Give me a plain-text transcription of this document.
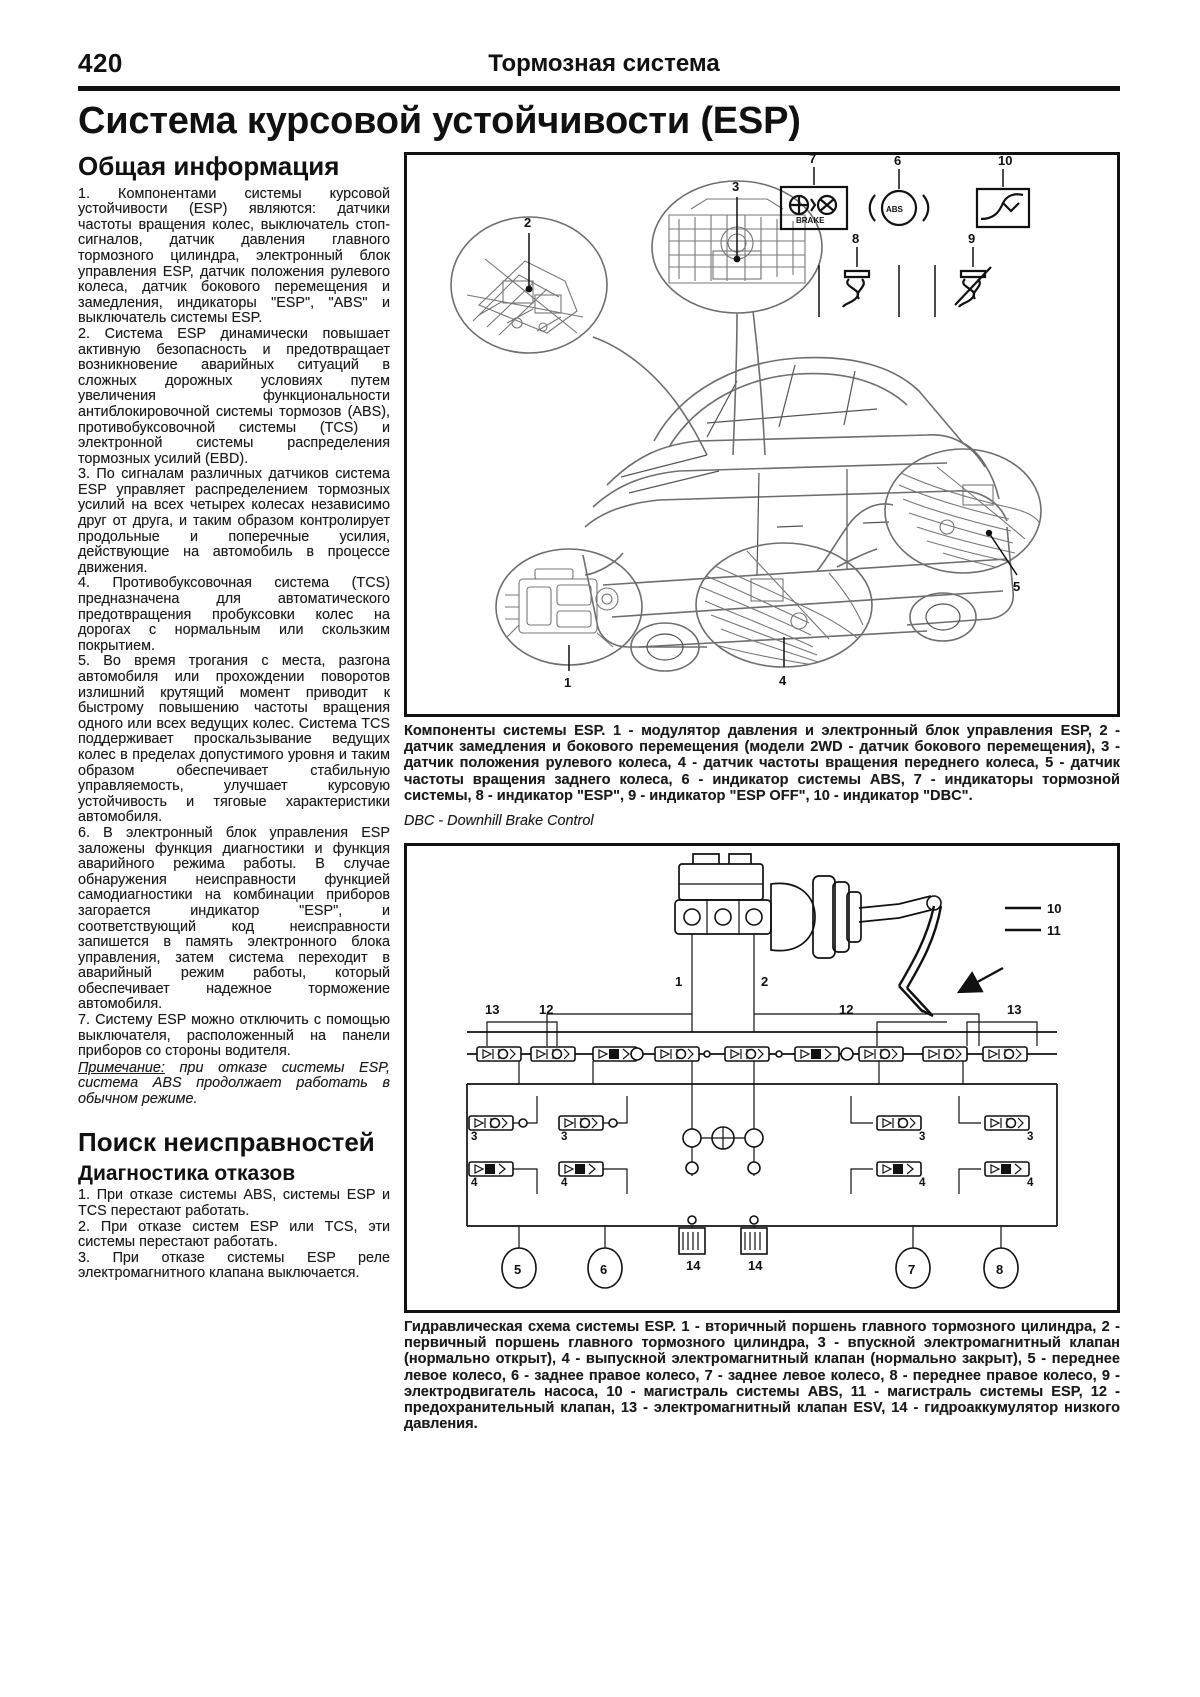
420	Тормозная система
Система курсовой устойчивости (ESP)
Общая информация

1. Компонентами системы курсовой устойчивости (ESP) являются: датчики частоты вращения колес, выключатель стоп-сигналов, датчик давления главного тормозного цилиндра, электронный блок управления ESP, датчик положения рулевого колеса, датчик бокового перемещения и замедления, индикаторы "ESP", "ABS" и выключатель системы ESP.

2. Система ESP динамически повышает активную безопасность и предотвращает возникновение аварийных ситуаций в сложных дорожных условиях путем увеличения функциональности антиблокировочной системы тормозов (ABS), противобуксовочной системы (TCS) и электронной системы распределения тормозных усилий (EBD).

3. По сигналам различных датчиков система ESP управляет распределением тормозных усилий на всех четырех колесах независимо друг от друга, и таким образом контролирует продольные и поперечные усилия, действующие на автомобиль в процессе движения.

4. Противобуксовочная система (TCS) предназначена для автоматического предотвращения пробуксовки колес на дорогах с нормальным или скользким покрытием.

5. Во время трогания с места, разгона автомобиля или прохождении поворотов излишний крутящий момент приводит к быстрому повышению частоты вращения одного или всех ведущих колес. Система TCS поддерживает проскальзывание ведущих колес в пределах допустимого уровня и таким образом обеспечивает стабильную управляемость, улучшает курсовую устойчивость и тяговые характеристики автомобиля.

6. В электронный блок управления ESP заложены функция диагностики и функция аварийного режима работы. В случае обнаружения неисправности функцией самодиагностики на комбинации приборов загорается индикатор "ESP", и соответствующий код неисправности запишется в память электронного блока управления, затем система переходит в аварийный режим работы, который обеспечивает надежное торможение автомобиля.

7. Систему ESP можно отключить с помощью выключателя, расположенный на панели приборов со стороны водителя.

Примечание: при отказе системы ESP, система ABS продолжает работать в обычном режиме.

Поиск неисправностей
Диагностика отказов

1. При отказе системы ABS, системы ESP и TCS перестают работать.

2. При отказе систем ESP или TCS, эти системы перестают работать.

3. При отказе системы ESP реле электромагнитного клапана выключается.

2
3
5
1	4
BRAKE
7
ABS
6	10
8	9

Компоненты системы ESP. 1 - модулятор давления и электронный блок управления ESP, 2 - датчик замедления и бокового перемещения (модели 2WD - датчик бокового перемещения), 3 - датчик положения рулевого колеса, 4 - датчик частоты вращения переднего колеса, 5 - датчик частоты вращения заднего колеса, 6 - индикатор системы ABS, 7 - индикаторы тормозной системы, 8 - индикатор "ESP", 9 - индикатор "ESP OFF", 10 - индикатор "DBC".

DBC - Downhill Brake Control

10
11
1	2
13	12	12	13
3
4
3
4
3
4
3
4
14	14
5	6	7	8

Гидравлическая схема системы ESP. 1 - вторичный поршень главного тормозного цилиндра, 2 - первичный поршень главного тормозного цилиндра, 3 - впускной электромагнитный клапан (нормально открыт), 4 - выпускной электромагнитный клапан (нормально закрыт), 5 - переднее левое колесо, 6 - заднее правое колесо, 7 - заднее левое колесо, 8 - переднее правое колесо, 9 - электродвигатель насоса, 10 - магистраль системы ABS, 11 - магистраль системы ESP, 12 - предохранительный клапан, 13 - электромагнитный клапан ESV, 14 - гидроаккумулятор низкого давления.
